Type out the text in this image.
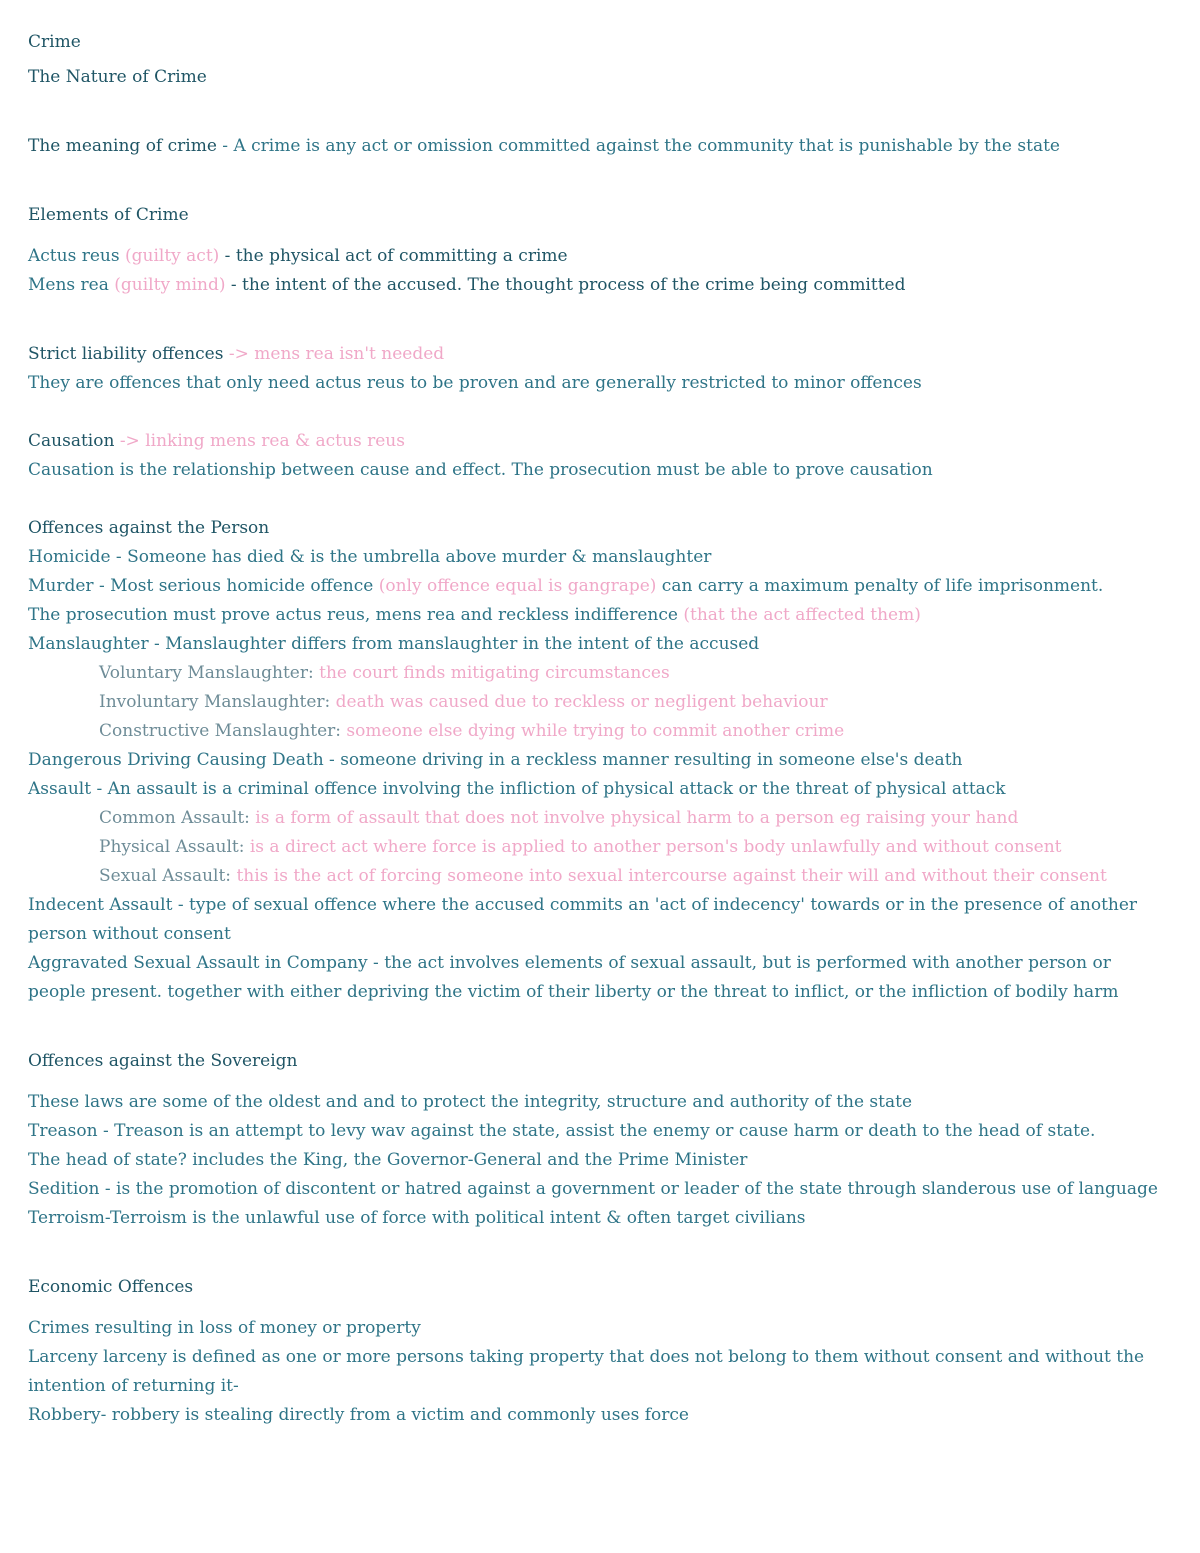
Crime
The Nature of Crime
The meaning of crime - A crime is any act or omission committed against the community that is punishable by the state
Elements of Crime
Actus reus (guilty act) - the physical act of committing a crime
Mens rea (guilty mind) - the intent of the accused. The thought process of the crime being committed
Strict liability offences -> mens rea isn't needed
They are offences that only need actus reus to be proven and are generally restricted to minor offences
Causation -> linking mens rea & actus reus
Causation is the relationship between cause and effect. The prosecution must be able to prove causation
Offences against the Person
Homicide - Someone has died & is the umbrella above murder & manslaughter
Murder - Most serious homicide offence (only offence equal is gangrape) can carry a maximum penalty of life imprisonment.
The prosecution must prove actus reus, mens rea and reckless indifference (that the act affected them)
Manslaughter - Manslaughter differs from manslaughter in the intent of the accused
Voluntary Manslaughter: the court finds mitigating circumstances
Involuntary Manslaughter: death was caused due to reckless or negligent behaviour
Constructive Manslaughter: someone else dying while trying to commit another crime
Dangerous Driving Causing Death - someone driving in a reckless manner resulting in someone else's death
Assault - An assault is a criminal offence involving the infliction of physical attack or the threat of physical attack
Common Assault: is a form of assault that does not involve physical harm to a person eg raising your hand
Physical Assault: is a direct act where force is applied to another person's body unlawfully and without consent
Sexual Assault: this is the act of forcing someone into sexual intercourse against their will and without their consent
Indecent Assault - type of sexual offence where the accused commits an 'act of indecency' towards or in the presence of another person without consent
Aggravated Sexual Assault in Company - the act involves elements of sexual assault, but is performed with another person or people present. together with either depriving the victim of their liberty or the threat to inflict, or the infliction of bodily harm
Offences against the Sovereign
These laws are some of the oldest and and to protect the integrity, structure and authority of the state
Treason - Treason is an attempt to levy wav against the state, assist the enemy or cause harm or death to the head of state.
The head of state? includes the King, the Governor-General and the Prime Minister
Sedition - is the promotion of discontent or hatred against a government or leader of the state through slanderous use of language
Terroism-Terroism is the unlawful use of force with political intent & often target civilians
Economic Offences
Crimes resulting in loss of money or property
Larceny larceny is defined as one or more persons taking property that does not belong to them without consent and without the intention of returning it-
Robbery- robbery is stealing directly from a victim and commonly uses force
